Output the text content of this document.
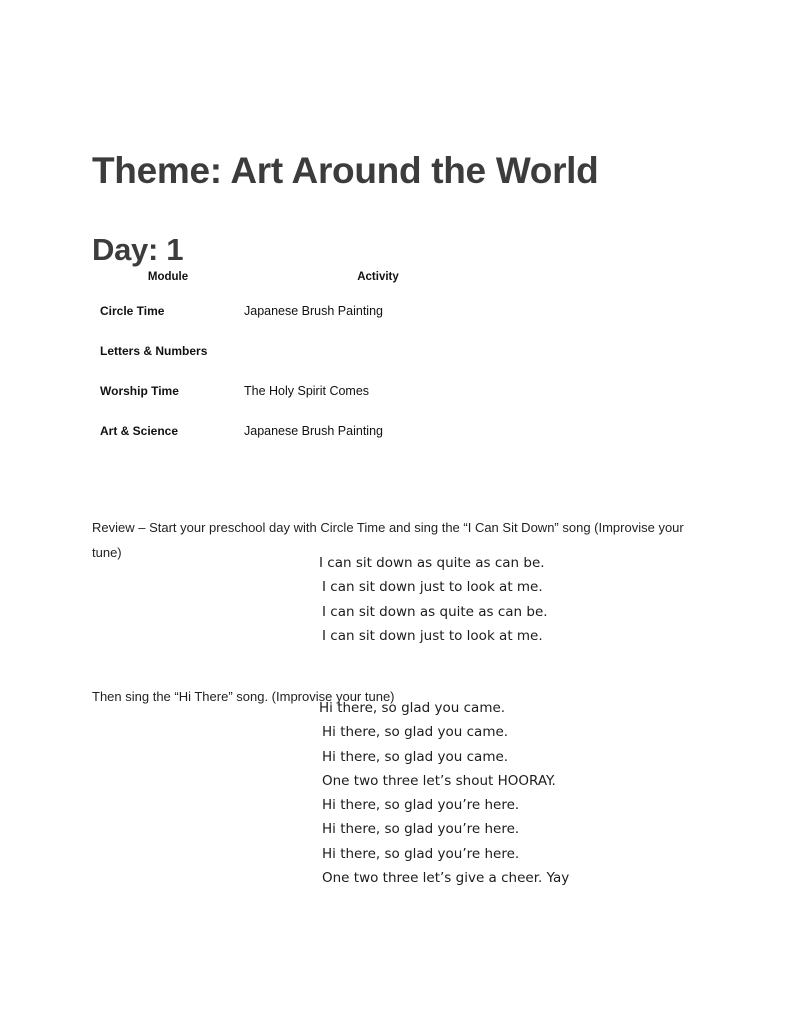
Theme: Art Around the World
Day: 1
Module	Activity
Circle Time	Japanese Brush Painting
Letters & Numbers	
Worship Time	The Holy Spirit Comes
Art & Science	Japanese Brush Painting

Review – Start your preschool day with Circle Time and sing the “I Can Sit Down” song (Improvise your tune)

I can sit down as quite as can be.
I can sit down just to look at me.
I can sit down as quite as can be.
I can sit down just to look at me.

Then sing the “Hi There” song. (Improvise your tune)

Hi there, so glad you came.
Hi there, so glad you came.
Hi there, so glad you came.
One two three let’s shout HOORAY.
Hi there, so glad you’re here.
Hi there, so glad you’re here.
Hi there, so glad you’re here.
One two three let’s give a cheer. Yay
